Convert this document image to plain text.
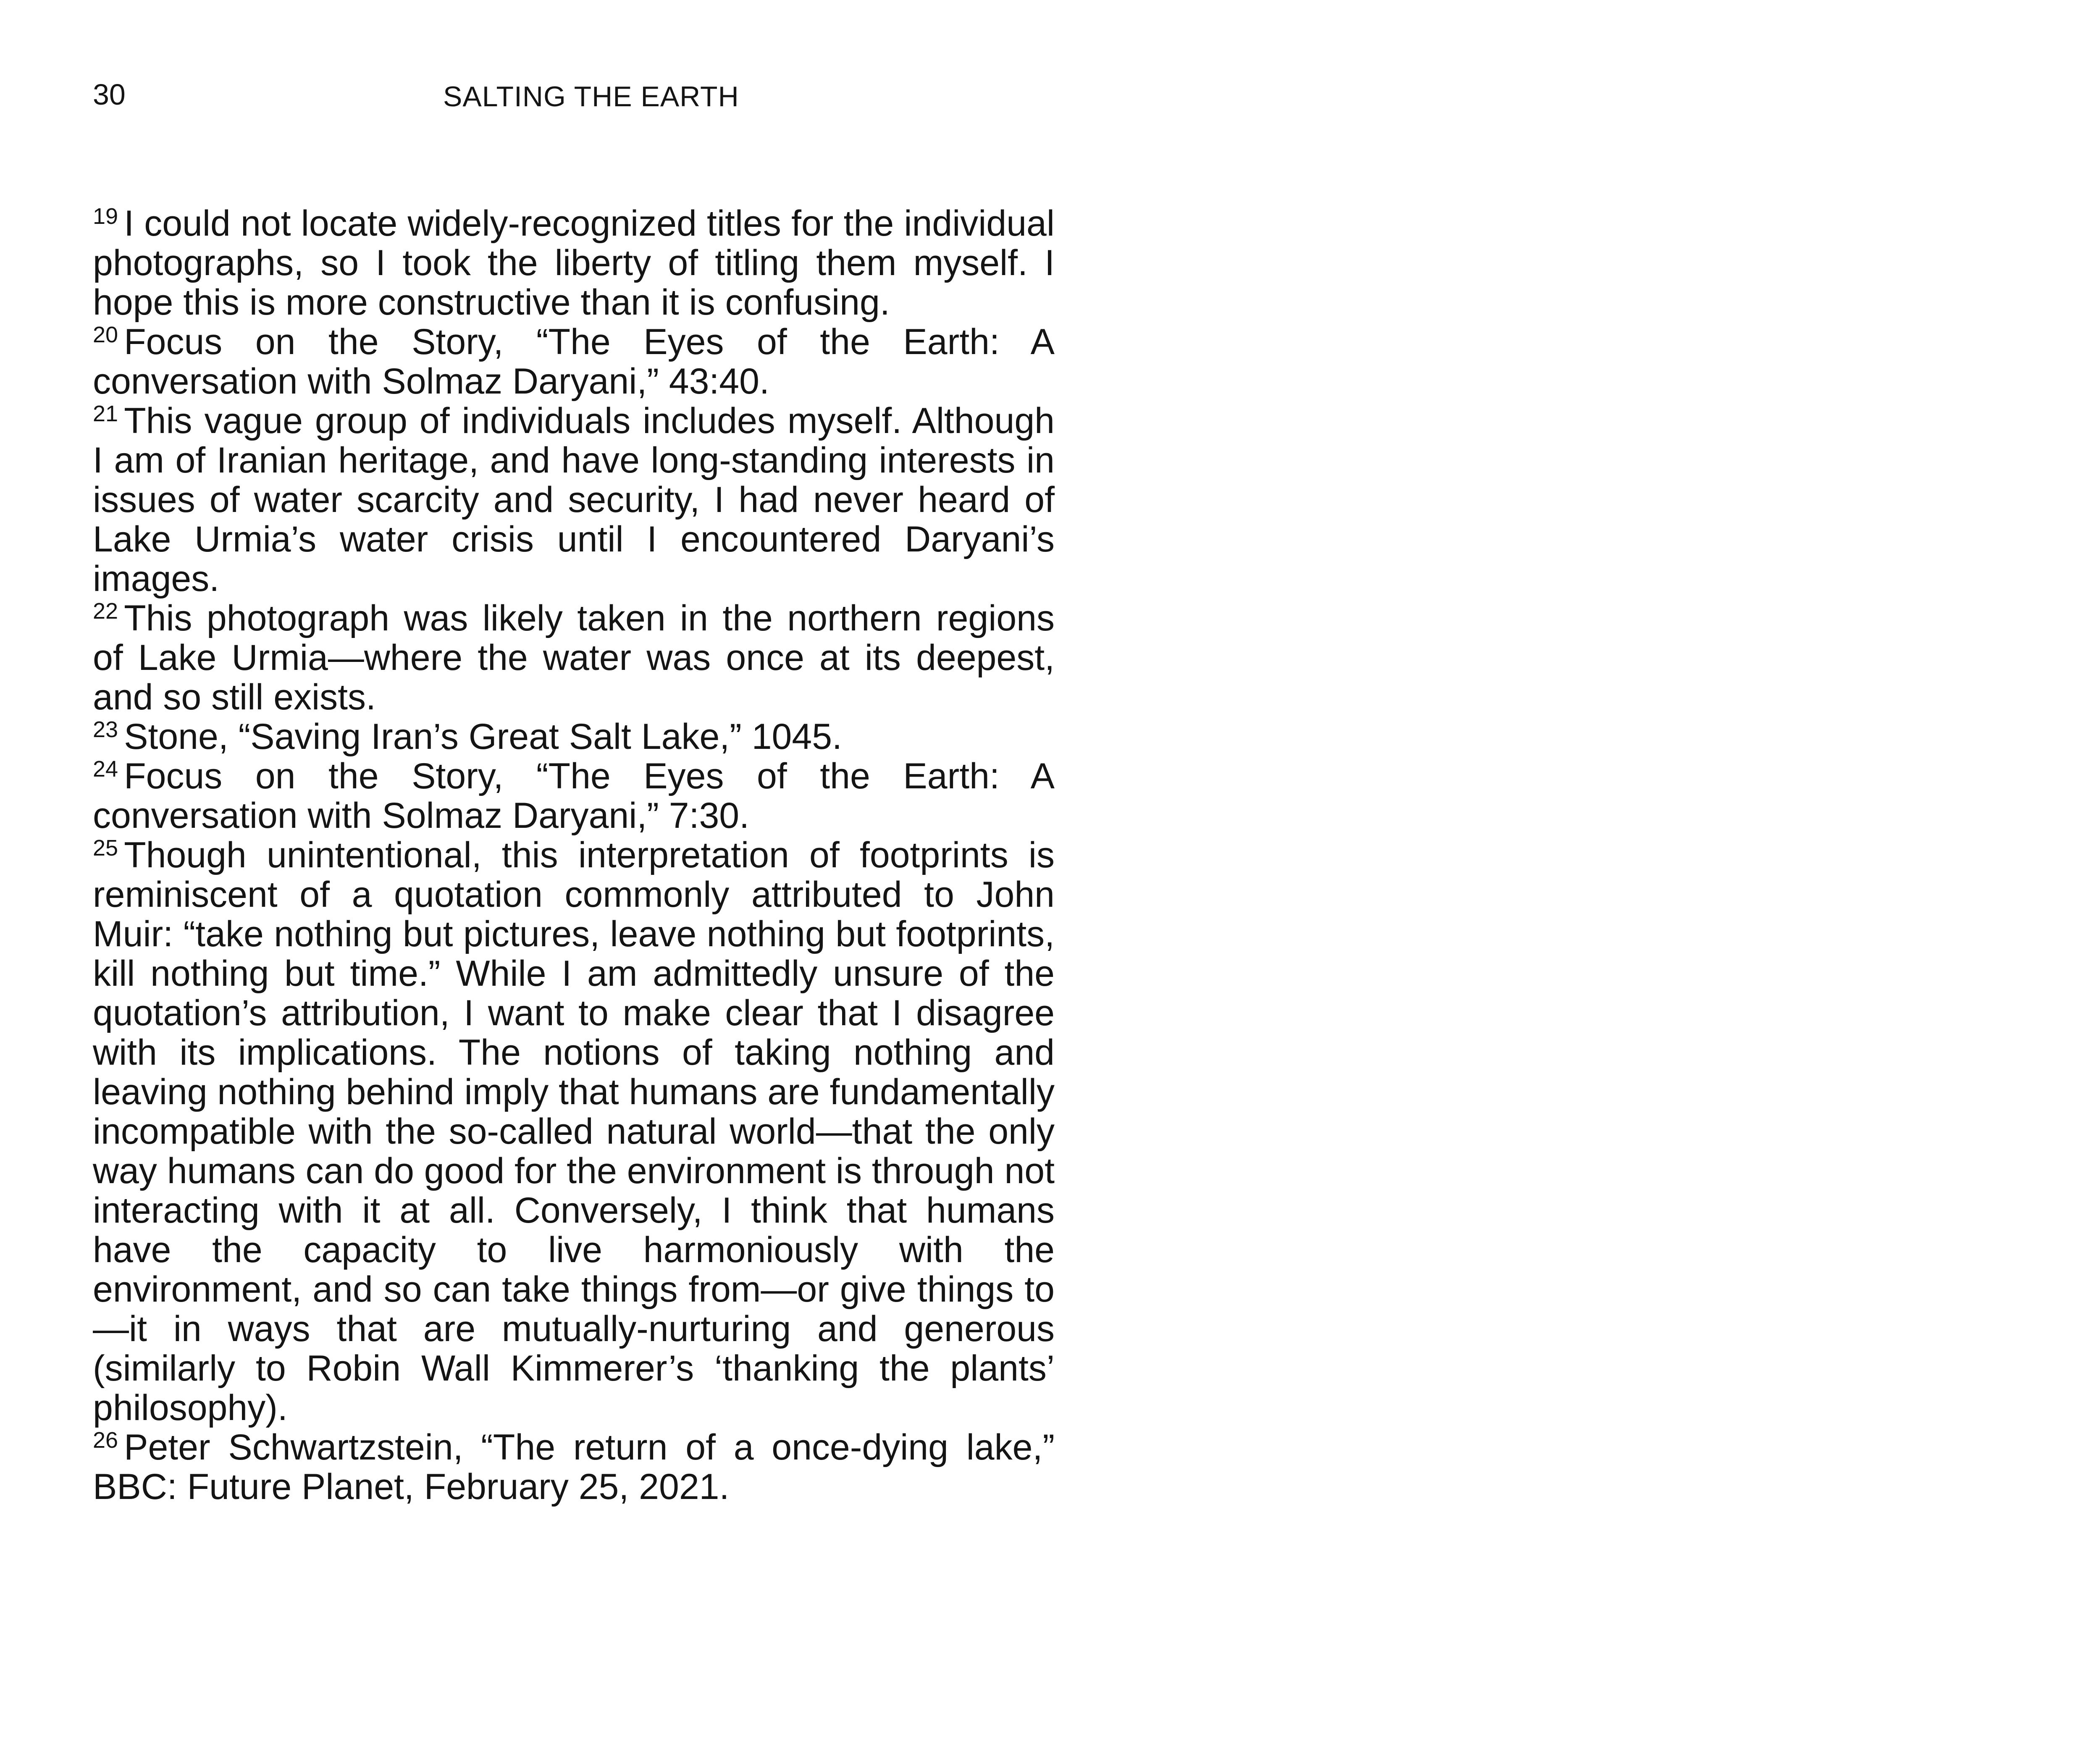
30	SALTING THE EARTH

$^{19}$ I could not locate widely-recognized titles for the individual photographs, so I took the liberty of titling them myself. I hope this is more constructive than it is confusing.

$^{20}$ Focus on the Story, “The Eyes of the Earth: A conversation with Solmaz Daryani,” 43:40.

$^{21}$ This vague group of individuals includes myself. Although I am of Iranian heritage, and have long-standing interests in issues of water scarcity and security, I had never heard of Lake Urmia’s water crisis until I encountered Daryani’s images.

$^{22}$ This photograph was likely taken in the northern regions of Lake Urmia—where the water was once at its deepest, and so still exists.

$^{23}$ Stone, “Saving Iran’s Great Salt Lake,” 1045.

$^{24}$ Focus on the Story, “The Eyes of the Earth: A conversation with Solmaz Daryani,” 7:30.

$^{25}$ Though unintentional, this interpretation of footprints is reminiscent of a quotation commonly attributed to John Muir: “take nothing but pictures, leave nothing but footprints, kill nothing but time.” While I am admittedly unsure of the quotation’s attribution, I want to make clear that I disagree with its implications. The notions of taking nothing and leaving nothing behind imply that humans are fundamentally incompatible with the so-called natural world—that the only way humans can do good for the environment is through not interacting with it at all. Conversely, I think that humans have the capacity to live harmoniously with the environment, and so can take things from—or give things to—it in ways that are mutually-nurturing and generous (similarly to Robin Wall Kimmerer’s ‘thanking the plants’ philosophy).

$^{26}$ Peter Schwartzstein, “The return of a once-dying lake,” BBC: Future Planet, February 25, 2021.
